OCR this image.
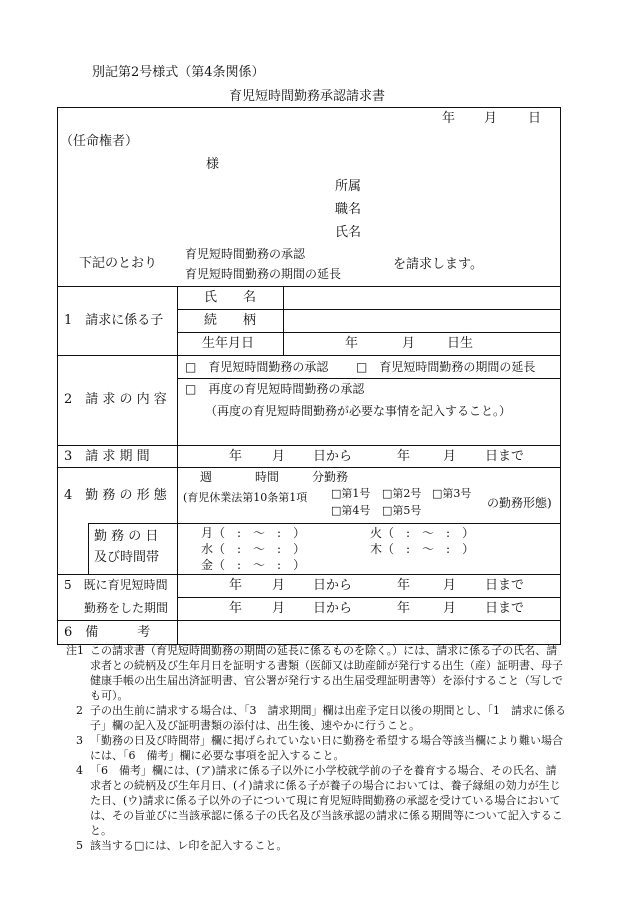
別記第2号様式（第4条関係）
育児短時間勤務承認請求書
年 月 日
（任命権者）
様
所属
職名
氏名
下記のとおり
育児短時間勤務の承認
育児短時間勤務の期間の延長
を請求します。
1　請求に係る子
氏　　名
続　　柄
生年月日	年	月 日生
2　請 求 の 内 容
□　育児短時間勤務の承認 □　育児短時間勤務の期間の延長
□　再度の育児短時間勤務の承認
（再度の育児短時間勤務が必要な事情を記入すること。）
3　請 求 期 間	年 月 日から	年	月 日まで
4　勤 務 の 形 態
週	時間	分勤務
(育児休業法第10条第1項 □第1号 □第2号 □第3号
□第4号 □第5号
の勤務形態)
勤 務 の 日
及び時間帯
月（　:　〜　:　）	火（　:　〜　:　）
水（　:　〜　:　）	木（　:　〜　:　）
金（　:　〜　:　）
5　既に育児短時間
勤務をした期間
年 月 日から	年	月 日まで
年 月 日から	年	月 日まで
6　備　　　考
注1 この請求書（育児短時間勤務の期間の延長に係るものを除く。）には、請求に係る子の氏名、請求者との続柄及び生年月日を証明する書類（医師又は助産師が発行する出生（産）証明書、母子健康手帳の出生届出済証明書、官公署が発行する出生届受理証明書等）を添付すること（写しでも可）。
2 子の出生前に請求する場合は、「3　請求期間」欄は出産予定日以後の期間とし、「1　請求に係る子」欄の記入及び証明書類の添付は、出生後、速やかに行うこと。
3 「勤務の日及び時間帯」欄に掲げられていない日に勤務を希望する場合等該当欄により難い場合には、「6　備考」欄に必要な事項を記入すること。
4 「6　備考」欄には、(ア)請求に係る子以外に小学校就学前の子を養育する場合、その氏名、請求者との続柄及び生年月日、(イ)請求に係る子が養子の場合においては、養子縁組の効力が生じた日、(ウ)請求に係る子以外の子について現に育児短時間勤務の承認を受けている場合においては、その旨並びに当該承認に係る子の氏名及び当該承認の請求に係る期間等について記入すること。
5 該当する□には、レ印を記入すること。
